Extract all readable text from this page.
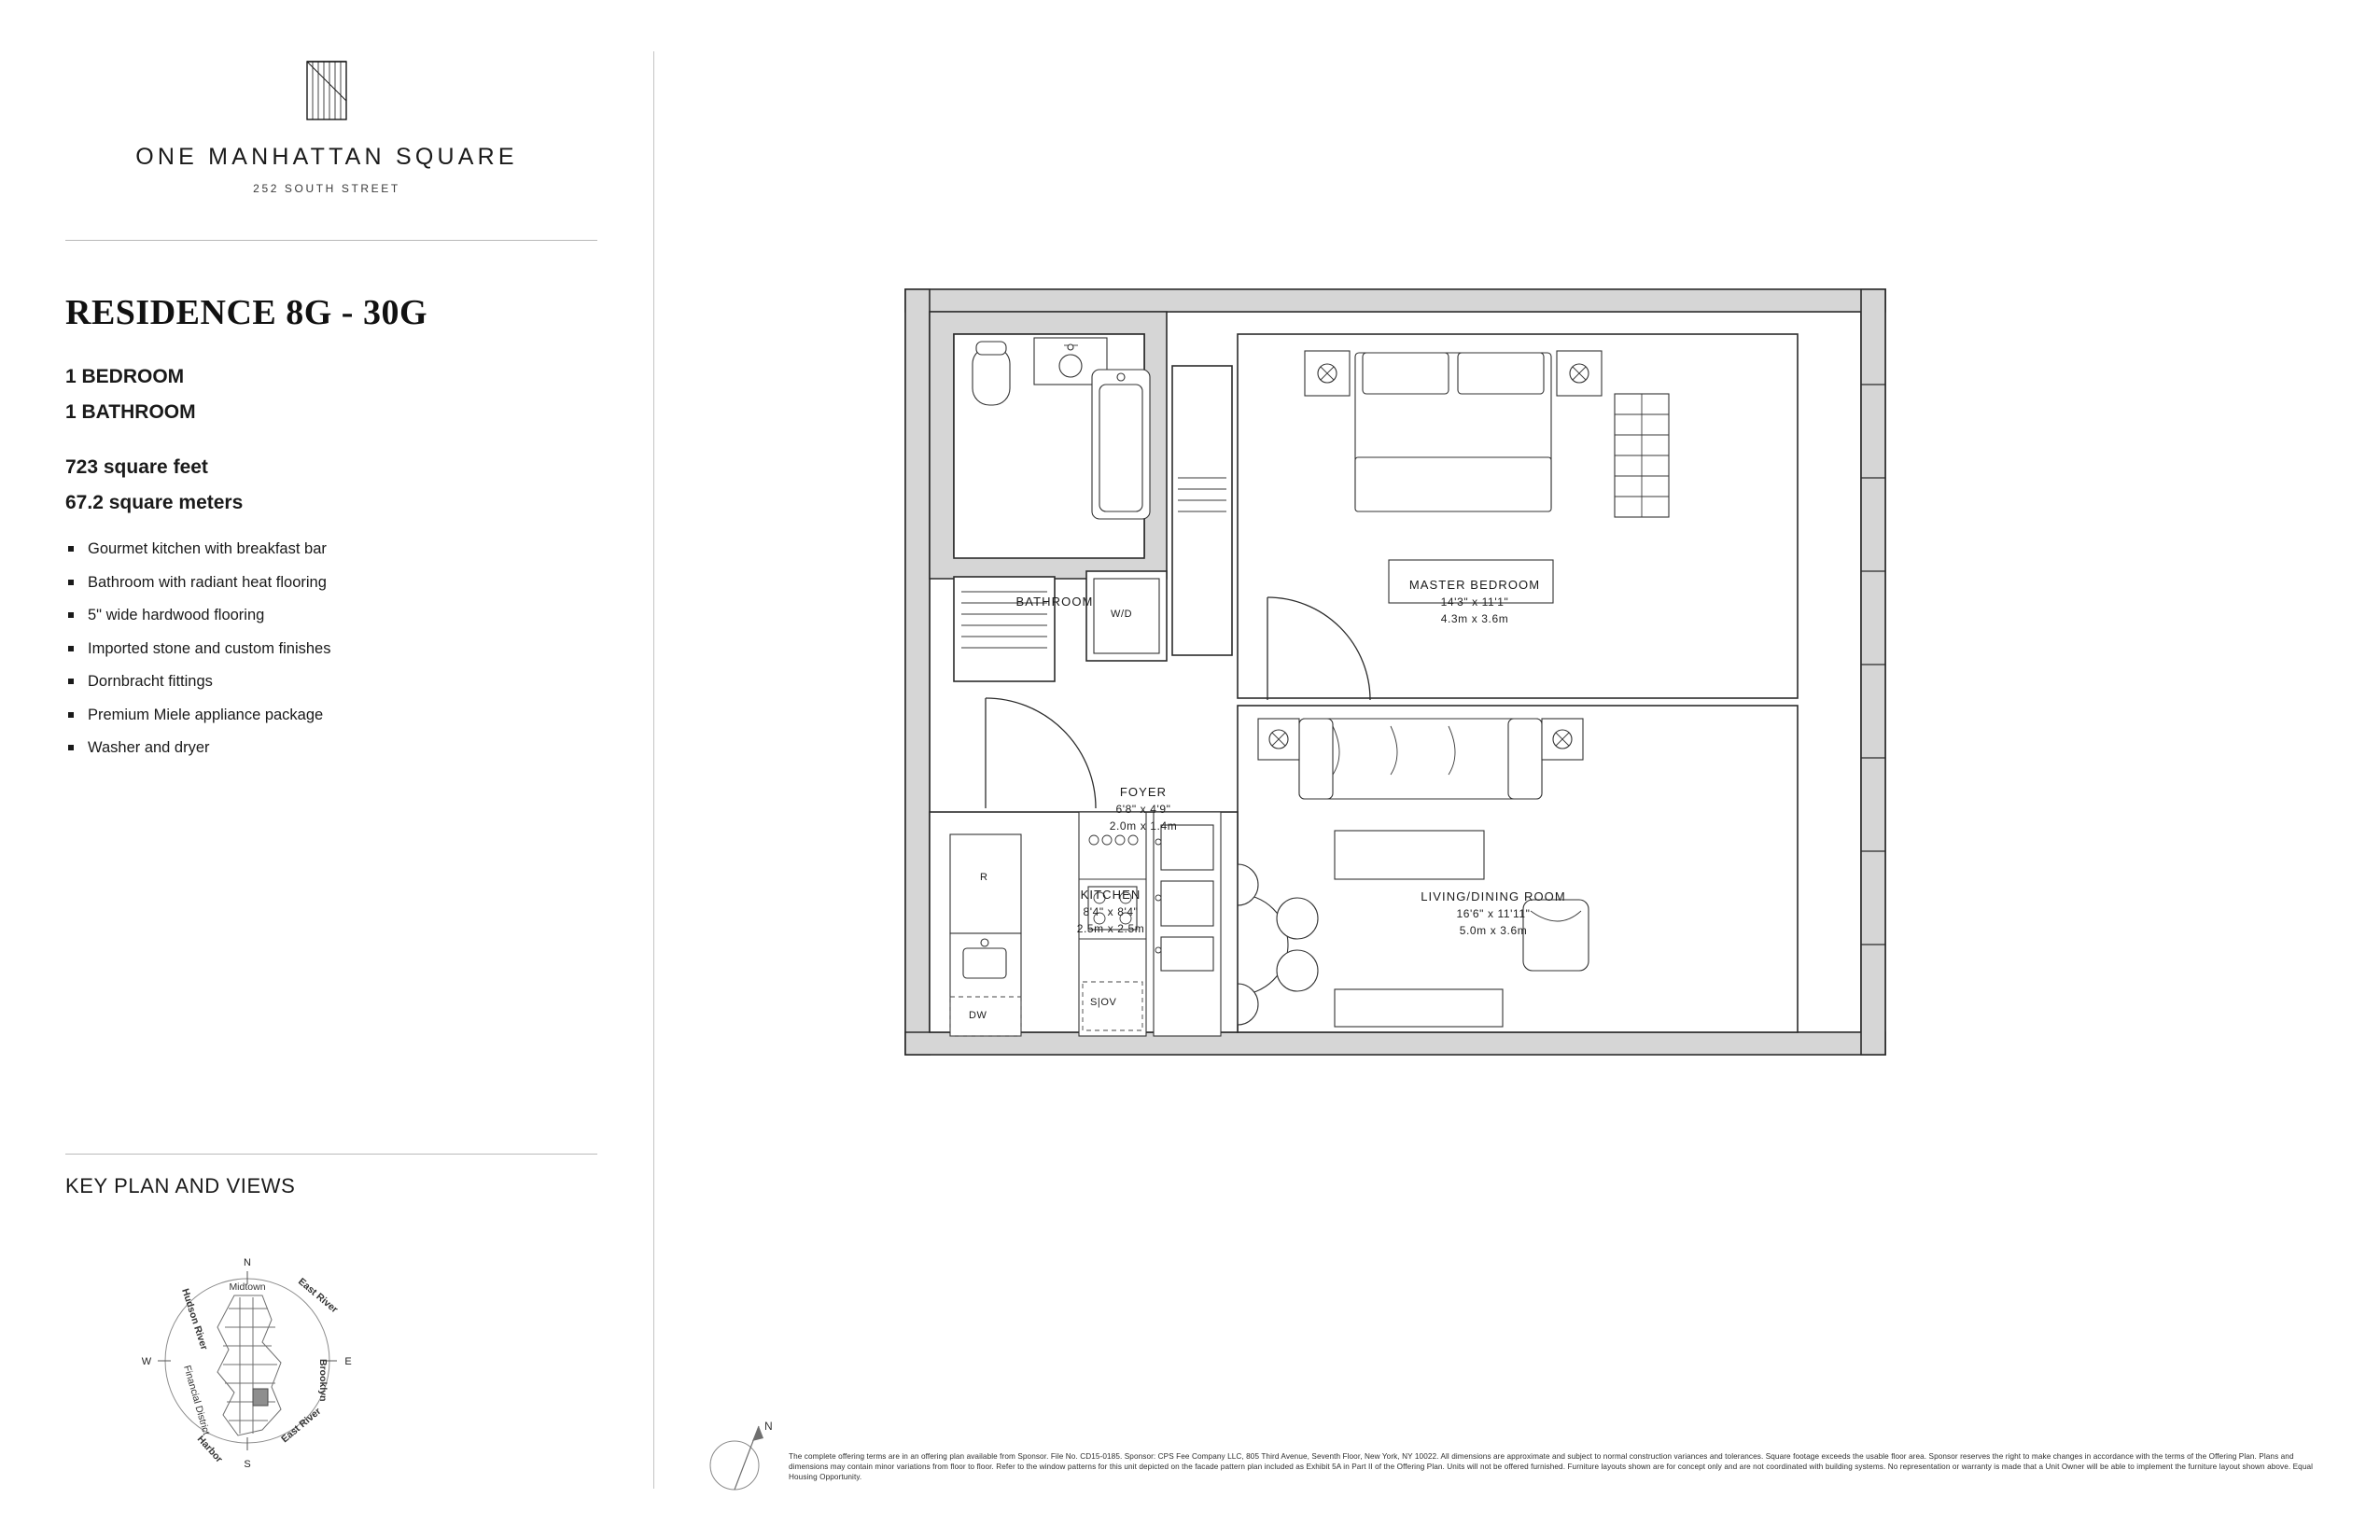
ONE MANHATTAN SQUARE
252 SOUTH STREET
RESIDENCE 8G - 30G
1 BEDROOM
1 BATHROOM
723 square feet
67.2 square meters
Gourmet kitchen with breakfast bar
Bathroom with radiant heat flooring
5" wide hardwood flooring
Imported stone and custom finishes
Dornbracht fittings
Premium Miele appliance package
Washer and dryer
KEY PLAN AND VIEWS
N
S
W	E
Midtown
Hudson River	East River
Brooklyn
Financial District
Harbor
East River
BATHROOM
MASTER BEDROOM
14'3" x 11'1"
4.3m x 3.6m
FOYER
6'8" x 4'9"
2.0m x 1.4m
KITCHEN
8'4" x 8'4"
2.5m x 2.5m
LIVING/DINING ROOM
16'6" x 11'11"
5.0m x 3.6m
R
W/D
DW
S|OV
N
The complete offering terms are in an offering plan available from Sponsor. File No. CD15-0185. Sponsor: CPS Fee Company LLC, 805 Third Avenue, Seventh Floor, New York, NY 10022. All dimensions are approximate and subject to normal construction variances and tolerances. Square footage exceeds the usable floor area. Sponsor reserves the right to make changes in accordance with the terms of the Offering Plan. Plans and dimensions may contain minor variations from floor to floor. Refer to the window patterns for this unit depicted on the facade pattern plan included as Exhibit 5A in Part II of the Offering Plan. Units will not be offered furnished. Furniture layouts shown are for concept only and are not coordinated with building systems. No representation or warranty is made that a Unit Owner will be able to implement the furniture layout shown above. Equal Housing Opportunity.
